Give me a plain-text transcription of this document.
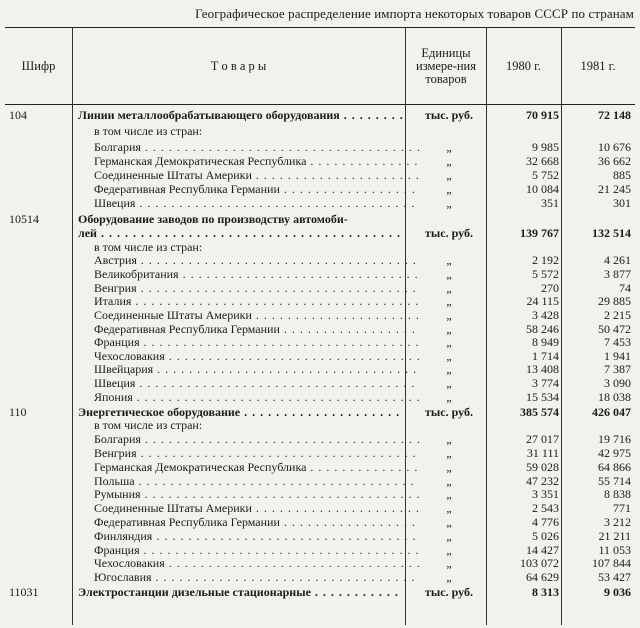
Географическое распределение импорта некоторых товаров СССР по странам
Шифр	Т о в а р ы
Единицы измере-ния товаров
1980 г.	1981 г.
104	Линии металлообрабатывающего оборудования . . .	тыс. руб.	70 915	72 148
в том числе из стран:
Болгария . . .	„	9 985	10 676
Германская Демократическая Республика . . .	„	32 668	36 662
Соединенные Штаты Америки . . .	„	5 752	885
Федеративная Республика Германии . . .	„	10 084	21 245
Швеция . . .	„	351	301
10514	Оборудование заводов по производству автомоби-
лей . . .	тыс. руб.	139 767	132 514
в том числе из стран:
Австрия . . .	„	2 192	4 261
Великобритания . . .	„	5 572	3 877
Венгрия . . .	„	270	74
Италия . . .	„	24 115	29 885
Соединенные Штаты Америки . . .	„	3 428	2 215
Федеративная Республика Германии . . .	„	58 246	50 472
Франция . . .	„	8 949	7 453
Чехословакия . . .	„	1 714	1 941
Швейцария . . .	„	13 408	7 387
Швеция . . .	„	3 774	3 090
Япония . . .	„	15 534	18 038
110	Энергетическое оборудование . . .	тыс. руб.	385 574	426 047
в том числе из стран:
Болгария . . .	„	27 017	19 716
Венгрия . . .	„	31 111	42 975
Германская Демократическая Республика . . .	„	59 028	64 866
Польша . . .	„	47 232	55 714
Румыния . . .	„	3 351	8 838
Соединенные Штаты Америки . . .	„	2 543	771
Федеративная Республика Германии . . .	„	4 776	3 212
Финляндия . . .	„	5 026	21 211
Франция . . .	„	14 427	11 053
Чехословакия . . .	„	103 072	107 844
Югославия . . .	„	64 629	53 427
11031	Электростанции дизельные стационарные . . .	тыс. руб.	8 313	9 036
